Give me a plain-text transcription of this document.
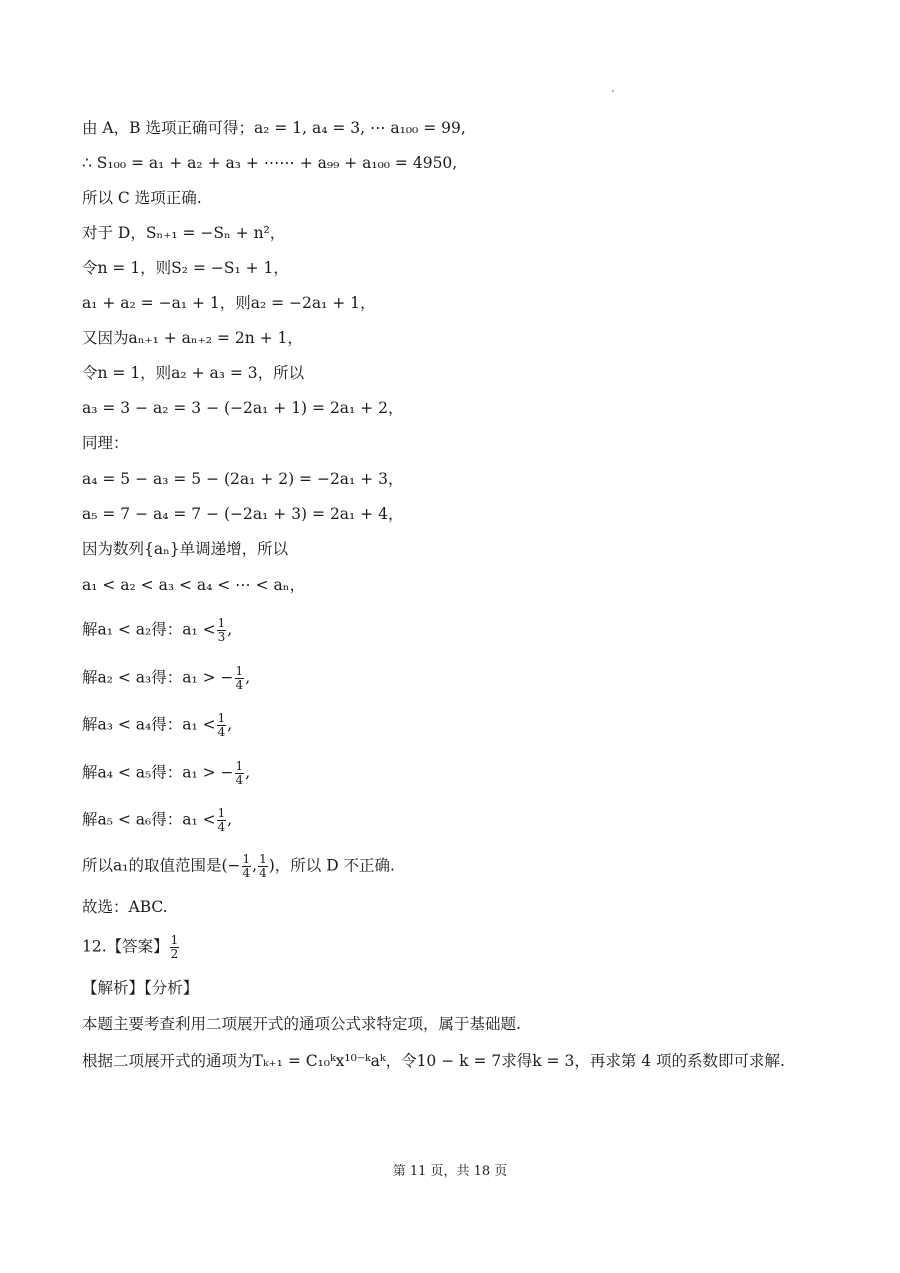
由 A，B 选项正确可得；a₂ = 1, a₄ = 3, ⋯ a₁₀₀ = 99,
∴ S₁₀₀ = a₁ + a₂ + a₃ + ⋯⋯ + a₉₉ + a₁₀₀ = 4950,
所以 C 选项正确.
对于 D，Sₙ₊₁ = −Sₙ + n²，
令n = 1，则S₂ = −S₁ + 1，
a₁ + a₂ = −a₁ + 1，则a₂ = −2a₁ + 1，
又因为aₙ₊₁ + aₙ₊₂ = 2n + 1，
令n = 1，则a₂ + a₃ = 3，所以
a₃ = 3 − a₂ = 3 − (−2a₁ + 1) = 2a₁ + 2，
同理：
a₄ = 5 − a₃ = 5 − (2a₁ + 2) = −2a₁ + 3，
a₅ = 7 − a₄ = 7 − (−2a₁ + 3) = 2a₁ + 4，
因为数列{aₙ}单调递增，所以
a₁ < a₂ < a₃ < a₄ < ⋯ < aₙ，
解a₁ < a₂得：$a_1 < \frac{1}{3}$ ,
解a₂ < a₃得：a₁ > − $\frac{1}{4}$ ,
解a₃ < a₄得：$a_1 < \frac{1}{4}$ ,
解a₄ < a₅得：a₁ > − $\frac{1}{4}$ ,
解a₅ < a₆得：$a_1 < \frac{1}{4}$ ,
所以a₁的取值范围是(− $\frac{1}{4}$ , $\frac{1}{4}$ )，所以 D 不正确.
故选：ABC.
12.【答案】 $\frac{1}{2}$
【解析】【分析】
本题主要考查利用二项展开式的通项公式求特定项，属于基础题.
根据二项展开式的通项为Tₖ₊₁ = C₁₀ᵏx¹⁰⁻ᵏaᵏ，令10 − k = 7求得k = 3，再求第 4 项的系数即可求解.
第 11 页，共 18 页
